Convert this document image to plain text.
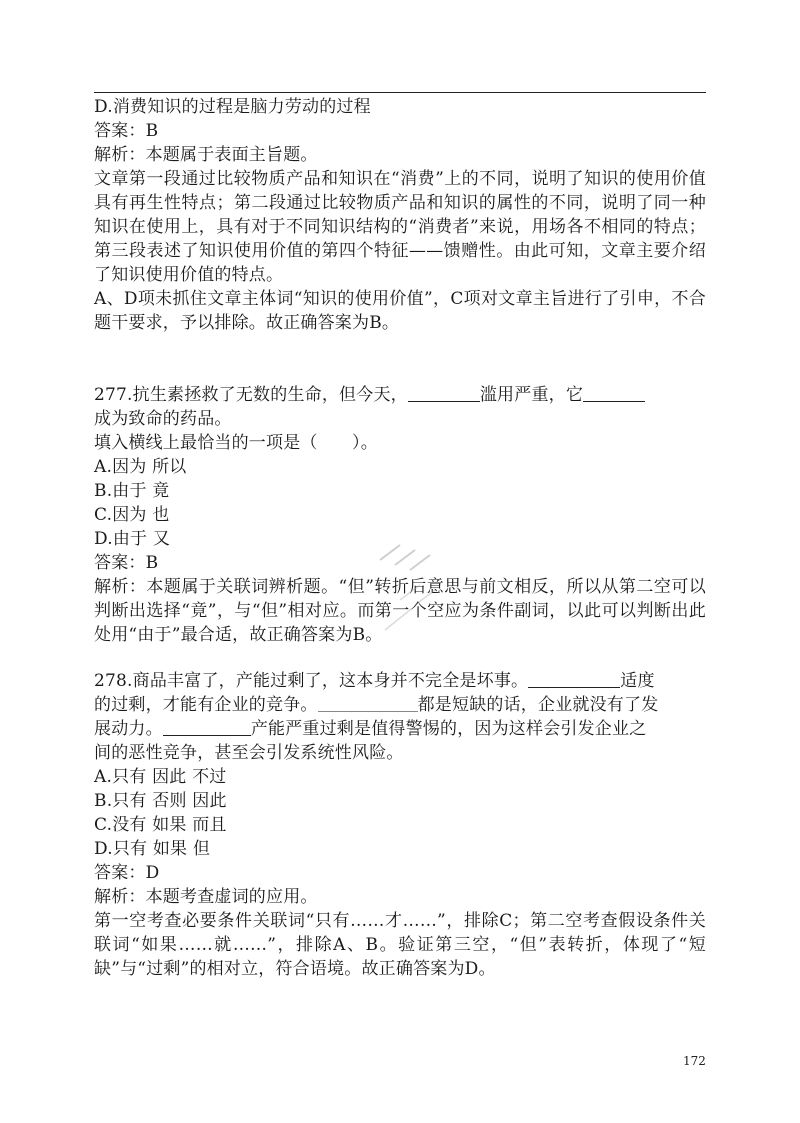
D.消费知识的过程是脑力劳动的过程
答案：B
解析：本题属于表面主旨题。
文章第一段通过比较物质产品和知识在“消费”上的不同，说明了知识的使用价值具有再生性特点；第二段通过比较物质产品和知识的属性的不同，说明了同一种知识在使用上，具有对于不同知识结构的“消费者”来说，用场各不相同的特点；第三段表述了知识使用价值的第四个特征——馈赠性。由此可知，文章主要介绍了知识使用价值的特点。
A、D项未抓住文章主体词“知识的使用价值”，C项对文章主旨进行了引申，不合题干要求，予以排除。故正确答案为B。
277.抗生素拯救了无数的生命，但今天，	滥用严重，它
成为致命的药品。
填入横线上最恰当的一项是（　　）。
A.因为 所以
B.由于 竟
C.因为 也
D.由于 又
答案：B
解析：本题属于关联词辨析题。“但”转折后意思与前文相反，所以从第二空可以判断出选择“竟”，与“但”相对应。而第一个空应为条件副词，以此可以判断出此处用“由于”最合适，故正确答案为B。
278.商品丰富了，产能过剩了，这本身并不完全是坏事。	适度
的过剩，才能有企业的竞争。	都是短缺的话，企业就没有了发
展动力。	产能严重过剩是值得警惕的，因为这样会引发企业之
间的恶性竞争，甚至会引发系统性风险。
A.只有 因此 不过
B.只有 否则 因此
C.没有 如果 而且
D.只有 如果 但
答案：D
解析：本题考查虚词的应用。
第一空考查必要条件关联词“只有……才……”，排除C；第二空考查假设条件关联词“如果……就……”，排除A、B。验证第三空，“但”表转折，体现了“短缺”与“过剩”的相对立，符合语境。故正确答案为D。
172
